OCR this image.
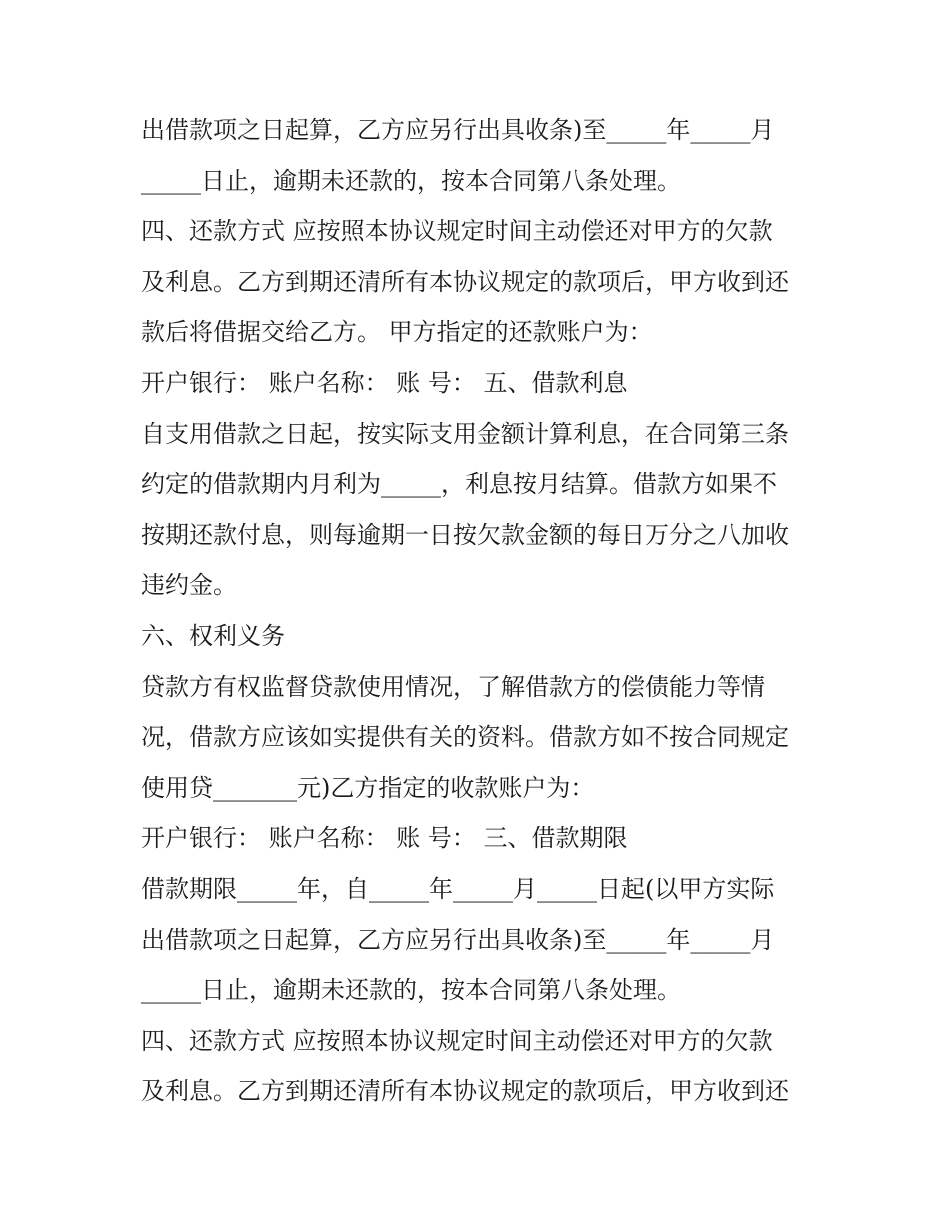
出借款项之日起算，乙方应另行出具收条)至_____年_____月
_____日止，逾期未还款的，按本合同第八条处理。
四、还款方式 应按照本协议规定时间主动偿还对甲方的欠款
及利息。乙方到期还清所有本协议规定的款项后，甲方收到还
款后将借据交给乙方。 甲方指定的还款账户为：
开户银行： 账户名称： 账 号： 五、借款利息
自支用借款之日起，按实际支用金额计算利息，在合同第三条
约定的借款期内月利为_____，利息按月结算。借款方如果不
按期还款付息，则每逾期一日按欠款金额的每日万分之八加收
违约金。
六、权利义务
贷款方有权监督贷款使用情况，了解借款方的偿债能力等情
况，借款方应该如实提供有关的资料。借款方如不按合同规定
使用贷_______元)乙方指定的收款账户为：
开户银行： 账户名称： 账 号： 三、借款期限
借款期限_____年，自_____年_____月_____日起(以甲方实际
出借款项之日起算，乙方应另行出具收条)至_____年_____月
_____日止，逾期未还款的，按本合同第八条处理。
四、还款方式 应按照本协议规定时间主动偿还对甲方的欠款
及利息。乙方到期还清所有本协议规定的款项后，甲方收到还
